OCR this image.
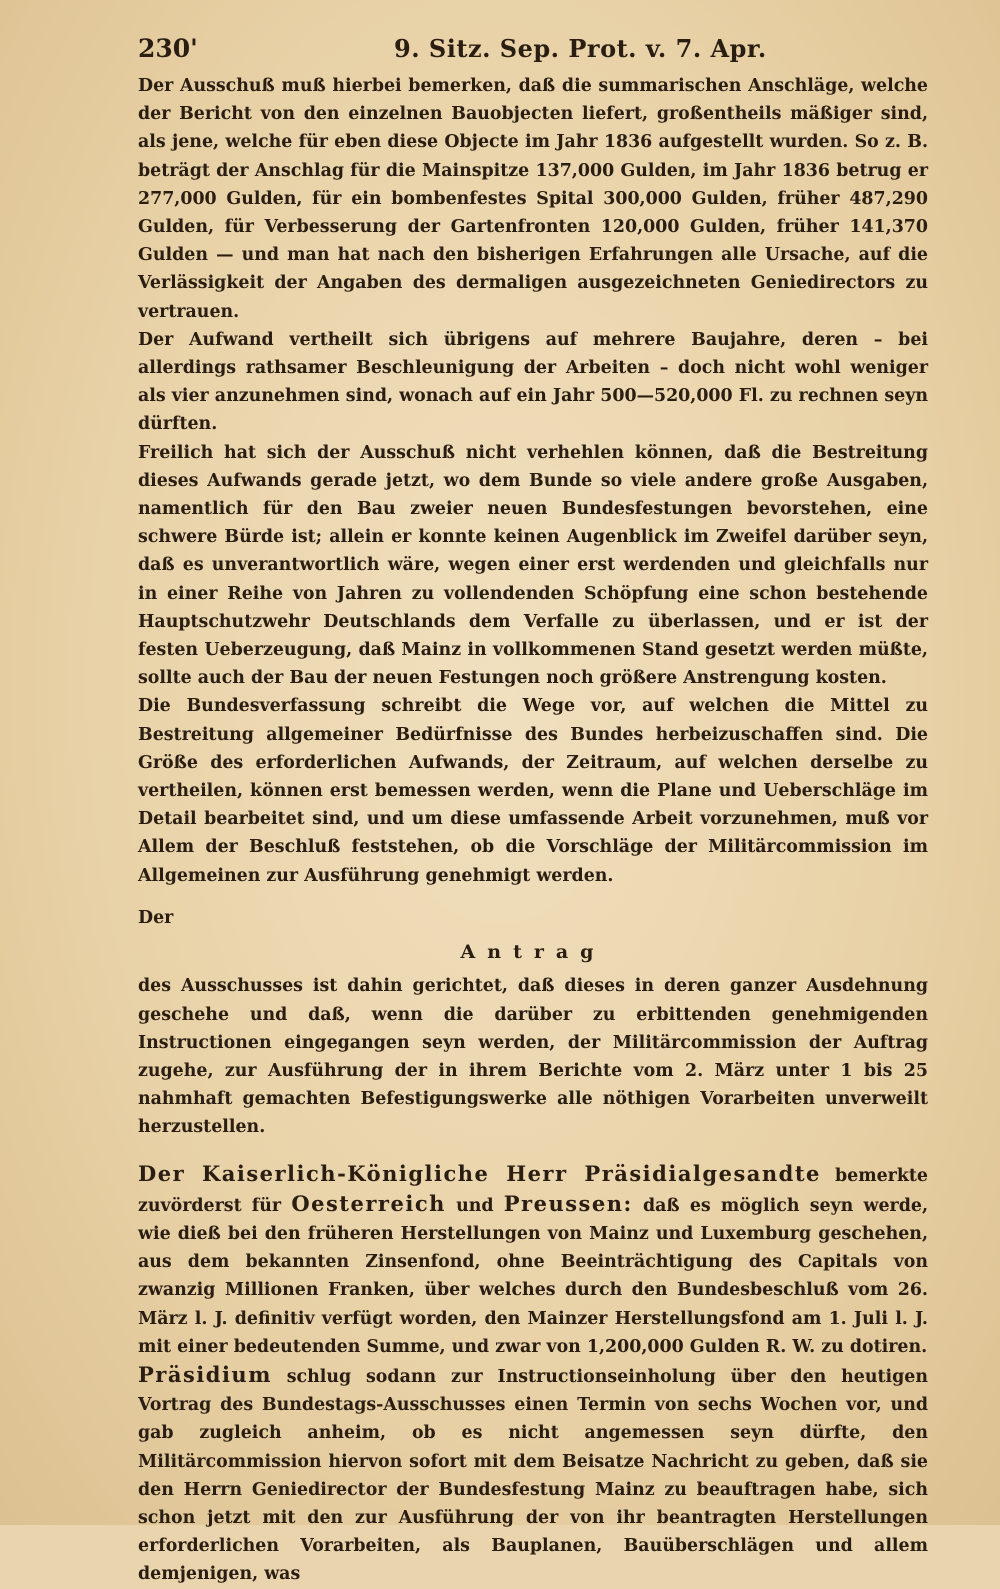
230'	9. Sitz. Sep. Prot. v. 7. Apr.

Der Ausschuß muß hierbei bemerken, daß die summarischen Anschläge, welche der Bericht von den einzelnen Bauobjecten liefert, großentheils mäßiger sind, als jene, welche für eben diese Objecte im Jahr 1836 aufgestellt wurden. So z. B. beträgt der Anschlag für die Mainspitze 137,000 Gulden, im Jahr 1836 betrug er 277,000 Gulden, für ein bombenfestes Spital 300,000 Gulden, früher 487,290 Gulden, für Verbesserung der Gartenfronten 120,000 Gulden, früher 141,370 Gulden — und man hat nach den bisherigen Erfahrungen alle Ursache, auf die Verlässigkeit der Angaben des dermaligen ausgezeichneten Geniedirectors zu vertrauen.

Der Aufwand vertheilt sich übrigens auf mehrere Baujahre, deren – bei allerdings rathsamer Beschleunigung der Arbeiten – doch nicht wohl weniger als vier anzunehmen sind, wonach auf ein Jahr 500—520,000 Fl. zu rechnen seyn dürften.

Freilich hat sich der Ausschuß nicht verhehlen können, daß die Bestreitung dieses Aufwands gerade jetzt, wo dem Bunde so viele andere große Ausgaben, namentlich für den Bau zweier neuen Bundesfestungen bevorstehen, eine schwere Bürde ist; allein er konnte keinen Augenblick im Zweifel darüber seyn, daß es unverantwortlich wäre, wegen einer erst werdenden und gleichfalls nur in einer Reihe von Jahren zu vollendenden Schöpfung eine schon bestehende Hauptschutzwehr Deutschlands dem Verfalle zu überlassen, und er ist der festen Ueberzeugung, daß Mainz in vollkommenen Stand gesetzt werden müßte, sollte auch der Bau der neuen Festungen noch größere Anstrengung kosten.

Die Bundesverfassung schreibt die Wege vor, auf welchen die Mittel zu Bestreitung allgemeiner Bedürfnisse des Bundes herbeizuschaffen sind. Die Größe des erforderlichen Aufwands, der Zeitraum, auf welchen derselbe zu vertheilen, können erst bemessen werden, wenn die Plane und Ueberschläge im Detail bearbeitet sind, und um diese umfassende Arbeit vorzunehmen, muß vor Allem der Beschluß feststehen, ob die Vorschläge der Militärcommission im Allgemeinen zur Ausführung genehmigt werden.

Der

Antrag

des Ausschusses ist dahin gerichtet, daß dieses in deren ganzer Ausdehnung geschehe und daß, wenn die darüber zu erbittenden genehmigenden Instructionen eingegangen seyn werden, der Militärcommission der Auftrag zugehe, zur Ausführung der in ihrem Berichte vom 2. März unter 1 bis 25 nahmhaft gemachten Befestigungswerke alle nöthigen Vorarbeiten unverweilt herzustellen.

Der Kaiserlich-Königliche Herr Präsidialgesandte bemerkte zuvörderst für Oesterreich und Preussen: daß es möglich seyn werde, wie dieß bei den früheren Herstellungen von Mainz und Luxemburg geschehen, aus dem bekannten Zinsenfond, ohne Beeinträchtigung des Capitals von zwanzig Millionen Franken, über welches durch den Bundesbeschluß vom 26. März l. J. definitiv verfügt worden, den Mainzer Herstellungsfond am 1. Juli l. J. mit einer bedeutenden Summe, und zwar von 1,200,000 Gulden R. W. zu dotiren.

Präsidium schlug sodann zur Instructionseinholung über den heutigen Vortrag des Bundestags-Ausschusses einen Termin von sechs Wochen vor, und gab zugleich anheim, ob es nicht angemessen seyn dürfte, den Militärcommission hiervon sofort mit dem Beisatze Nachricht zu geben, daß sie den Herrn Geniedirector der Bundesfestung Mainz zu beauftragen habe, sich schon jetzt mit den zur Ausführung der von ihr beantragten Herstellungen erforderlichen Vorarbeiten, als Bauplanen, Bauüberschlägen und allem demjenigen, was
